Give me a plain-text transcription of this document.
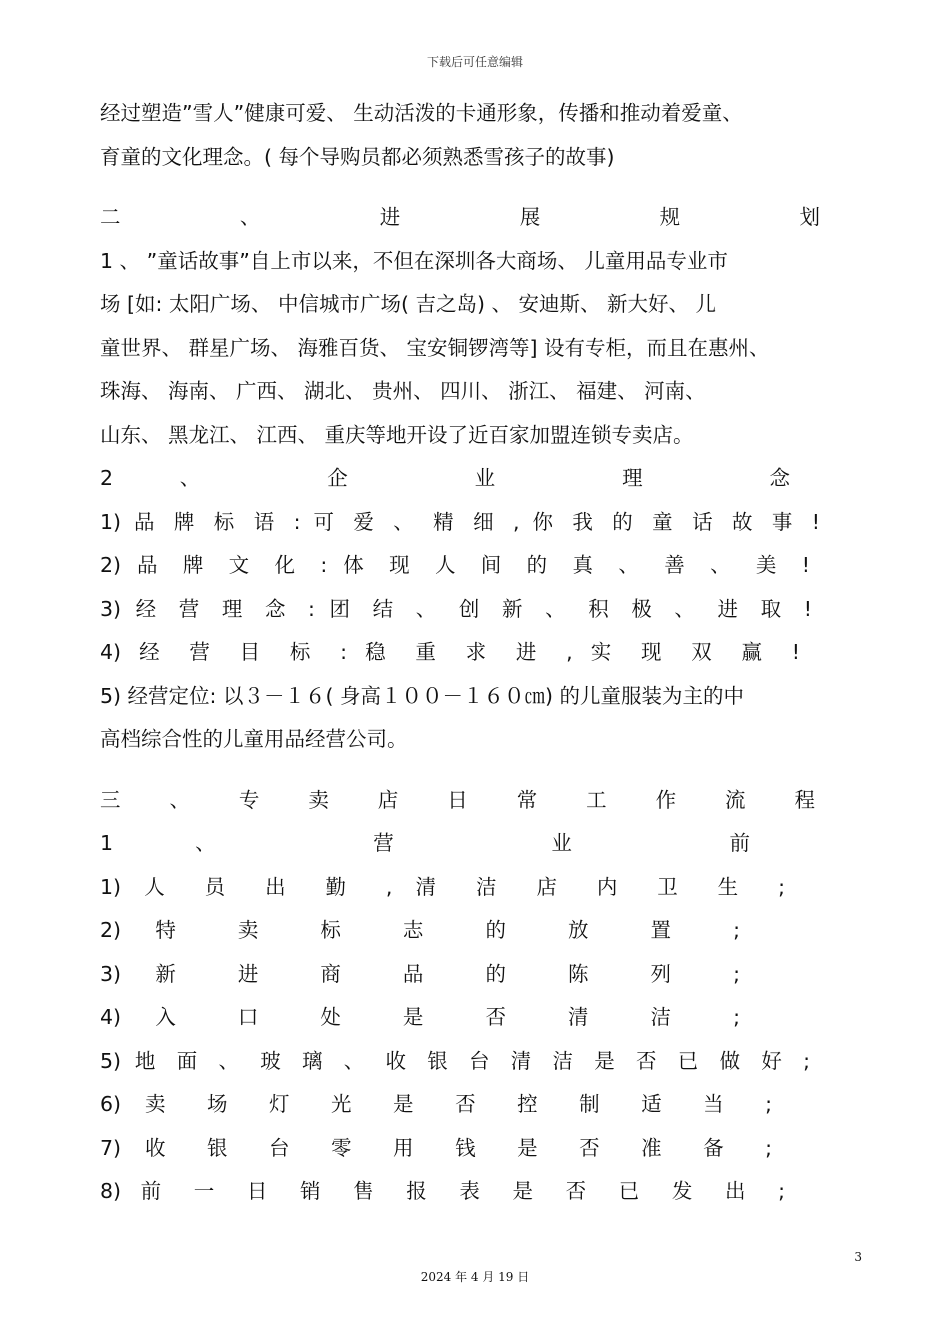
下载后可任意编辑

经过塑造”雪人”健康可爱、 生动活泼的卡通形象，传播和推动着爱童、

育童的文化理念。( 每个导购员都必须熟悉雪孩子的故事)

二 、 进 展 规 划

1 、 ”童话故事”自上市以来，不但在深圳各大商场、 儿童用品专业市

场 [如: 太阳广场、 中信城市广场( 吉之岛) 、 安迪斯、 新大好、 儿

童世界、 群星广场、 海雅百货、 宝安铜锣湾等] 设有专柜，而且在惠州、

珠海、 海南、 广西、 湖北、 贵州、 四川、 浙江、 福建、 河南、

山东、 黑龙江、 江西、 重庆等地开设了近百家加盟连锁专卖店。

2 、 企 业 理 念

1) 品 牌 标 语 : 可 爱 、 精 细 , 你 我 的 童 话 故 事 !

2) 品 牌 文 化 : 体 现 人 间 的 真 、 善 、 美 !

3) 经 营 理 念 : 团 结 、 创 新 、 积 极 、 进 取 !

4) 经 营 目 标 : 稳 重 求 进 , 实 现 双 赢 !

5) 经营定位: 以３－１６( 身高１００－１６０㎝) 的儿童服装为主的中

高档综合性的儿童用品经营公司。

三 、 专 卖 店 日 常 工 作 流 程

1 、 营 业 前

1) 人 员 出 勤 , 清 洁 店 内 卫 生 ;

2) 特 卖 标 志 的 放 置 ;

3) 新 进 商 品 的 陈 列 ;

4) 入 口 处 是 否 清 洁 ;

5) 地 面 、 玻 璃 、 收 银 台 清 洁 是 否 已 做 好 ;

6) 卖 场 灯 光 是 否 控 制 适 当 ;

7) 收 银 台 零 用 钱 是 否 准 备 ;

8) 前 一 日 销 售 报 表 是 否 已 发 出 ;

3
2024 年 4 月 19 日
